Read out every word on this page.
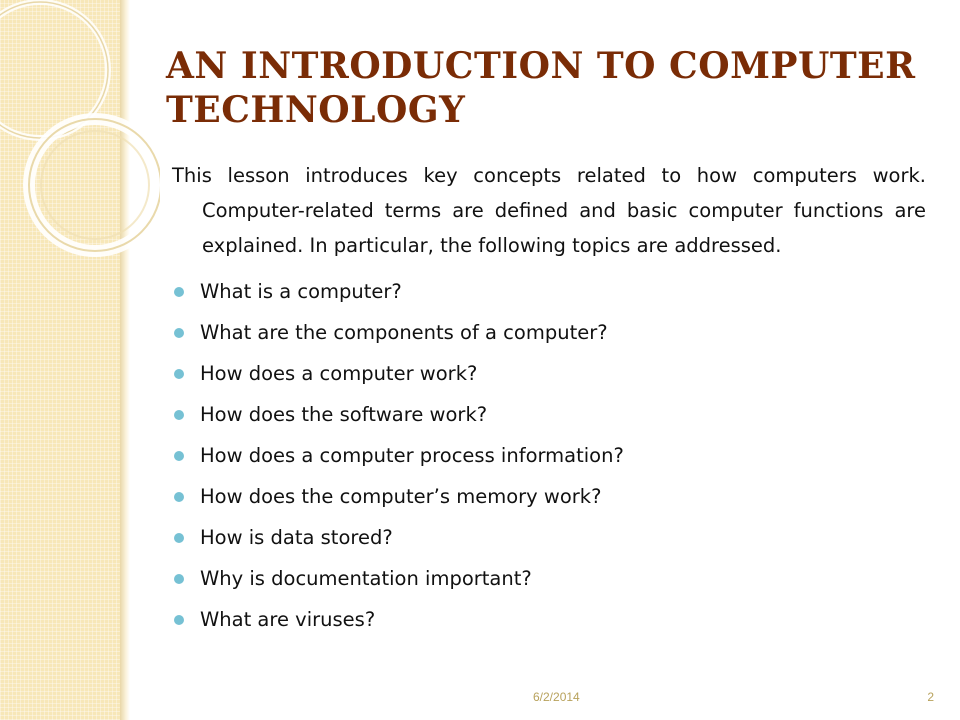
AN INTRODUCTION TO COMPUTER TECHNOLOGY

This lesson introduces key concepts related to how computers work. Computer-related terms are defined and basic computer functions are explained. In particular, the following topics are addressed.

What is a computer?
What are the components of a computer?
How does a computer work?
How does the software work?
How does a computer process information?
How does the computer’s memory work?
How is data stored?
Why is documentation important?
What are viruses?
6/2/2014	2
